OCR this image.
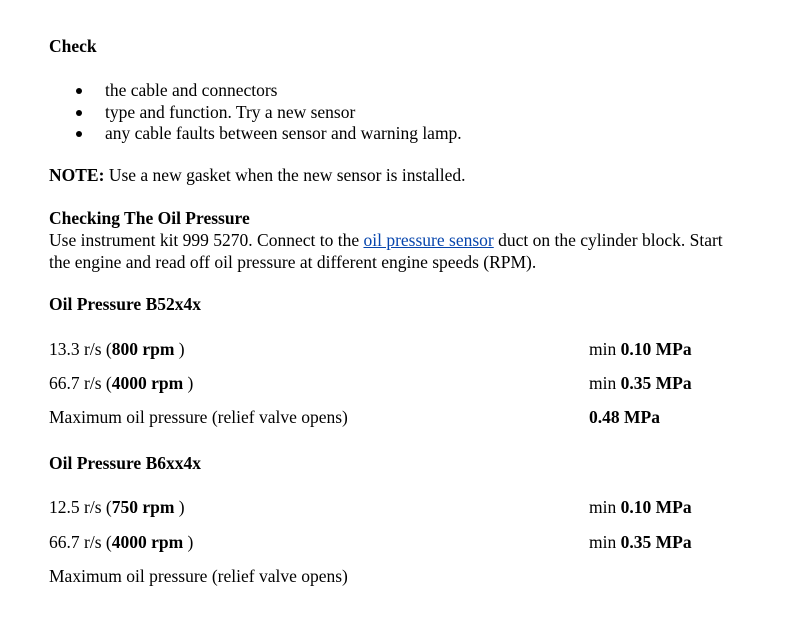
Check
the cable and connectors
type and function. Try a new sensor
any cable faults between sensor and warning lamp.
NOTE: Use a new gasket when the new sensor is installed.
Checking The Oil Pressure
Use instrument kit 999 5270. Connect to the oil pressure sensor duct on the cylinder block. Start
the engine and read off oil pressure at different engine speeds (RPM).
Oil Pressure B52x4x
13.3 r/s (800 rpm )	min 0.10 MPa
66.7 r/s (4000 rpm )	min 0.35 MPa
Maximum oil pressure (relief valve opens)	0.48 MPa
Oil Pressure B6xx4x
12.5 r/s (750 rpm )	min 0.10 MPa
66.7 r/s (4000 rpm )	min 0.35 MPa
Maximum oil pressure (relief valve opens)
